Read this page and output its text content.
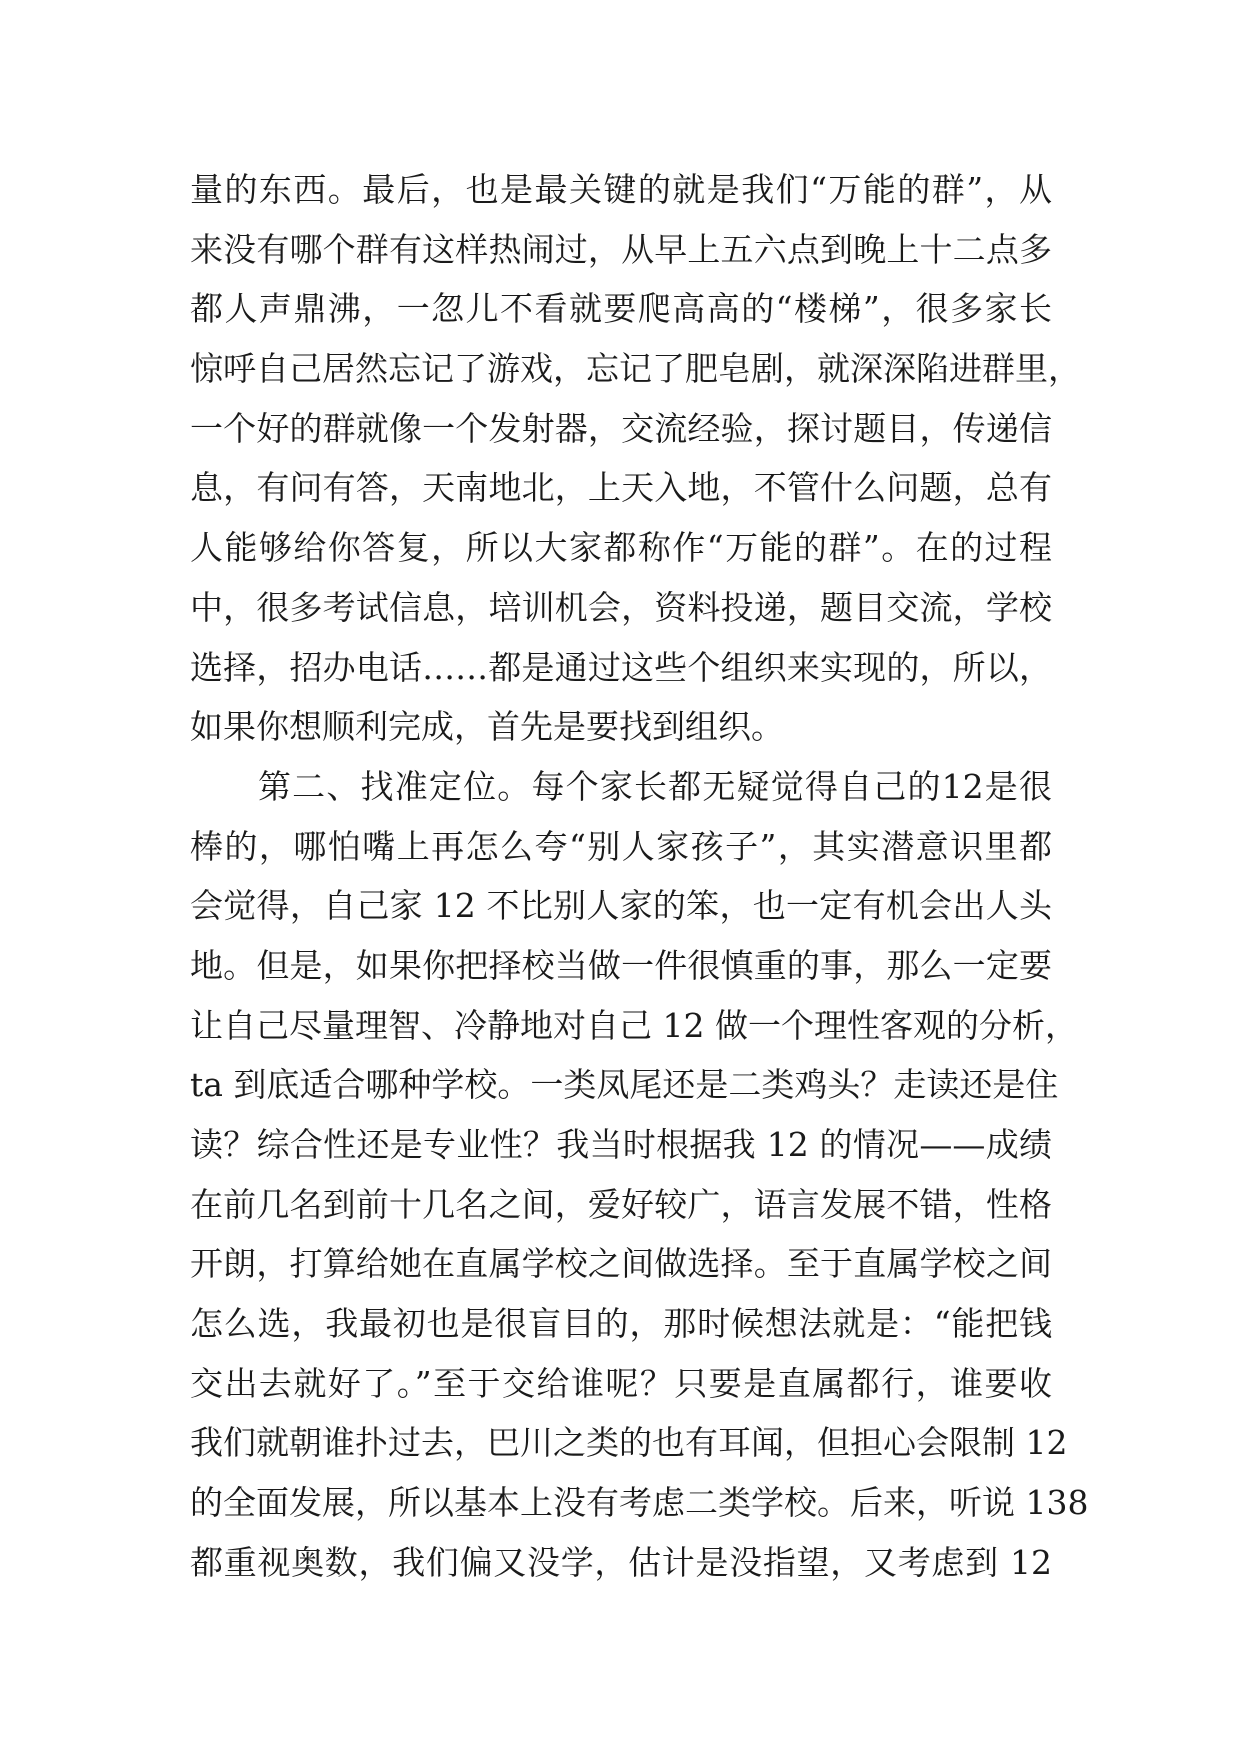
量的东西。最后，也是最关键的就是我们“万能的群”，从
来没有哪个群有这样热闹过，从早上五六点到晚上十二点多
都人声鼎沸，一忽儿不看就要爬高高的“楼梯”，很多家长
惊呼自己居然忘记了游戏，忘记了肥皂剧，就深深陷进群里，
一个好的群就像一个发射器，交流经验，探讨题目，传递信
息，有问有答，天南地北，上天入地，不管什么问题，总有
人能够给你答复，所以大家都称作“万能的群”。在的过程
中，很多考试信息，培训机会，资料投递，题目交流，学校
选择，招办电话……都是通过这些个组织来实现的，所以，
如果你想顺利完成，首先是要找到组织。
第二、找准定位。每个家长都无疑觉得自己的12是很
棒的，哪怕嘴上再怎么夸“别人家孩子”，其实潜意识里都
会觉得，自己家 12 不比别人家的笨，也一定有机会出人头
地。但是，如果你把择校当做一件很慎重的事，那么一定要
让自己尽量理智、冷静地对自己 12 做一个理性客观的分析，
ta 到底适合哪种学校。一类凤尾还是二类鸡头？走读还是住
读？综合性还是专业性？我当时根据我 12 的情况——成绩
在前几名到前十几名之间，爱好较广，语言发展不错，性格
开朗，打算给她在直属学校之间做选择。至于直属学校之间
怎么选，我最初也是很盲目的，那时候想法就是：“能把钱
交出去就好了。”至于交给谁呢？只要是直属都行，谁要收
我们就朝谁扑过去，巴川之类的也有耳闻，但担心会限制 12
的全面发展，所以基本上没有考虑二类学校。后来，听说 138
都重视奥数，我们偏又没学，估计是没指望，又考虑到 12
